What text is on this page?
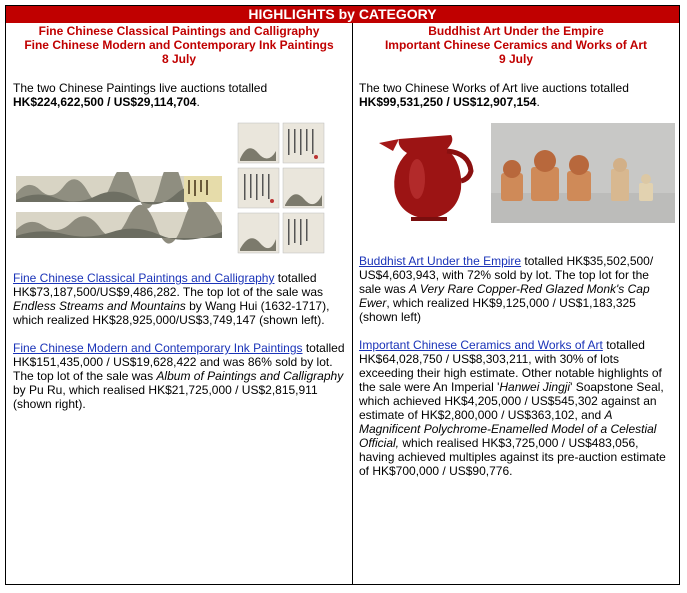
HIGHLIGHTS by CATEGORY
Fine Chinese Classical Paintings and Calligraphy
Fine Chinese Modern and Contemporary Ink Paintings
8 July
The two Chinese Paintings live auctions totalled
HK$224,622,500 / US$29,114,704.
Fine Chinese Classical Paintings and Calligraphy totalled HK$73,187,500/US$9,486,282. The top lot of the sale was Endless Streams and Mountains by Wang Hui (1632-1717), which realized HK$28,925,000/US$3,749,147 (shown left).
Fine Chinese Modern and Contemporary Ink Paintings totalled HK$151,435,000 / US$19,628,422 and was 86% sold by lot. The top lot of the sale was Album of Paintings and Calligraphy by Pu Ru, which realised HK$21,725,000 / US$2,815,911 (shown right).
Buddhist Art Under the Empire
Important Chinese Ceramics and Works of Art
9 July
The two Chinese Works of Art live auctions totalled
HK$99,531,250 / US$12,907,154.
Buddhist Art Under the Empire totalled HK$35,502,500/ US$4,603,943, with 72% sold by lot. The top lot for the sale was A Very Rare Copper-Red Glazed Monk's Cap Ewer, which realized HK$9,125,000 / US$1,183,325 (shown left)
Important Chinese Ceramics and Works of Art totalled HK$64,028,750 / US$8,303,211, with 30% of lots exceeding their high estimate. Other notable highlights of the sale were An Imperial 'Hanwei Jingji' Soapstone Seal, which achieved HK$4,205,000 / US$545,302 against an estimate of HK$2,800,000 / US$363,102, and A Magnificent Polychrome-Enamelled Model of a Celestial Official, which realised HK$3,725,000 / US$483,056, having achieved multiples against its pre-auction estimate of HK$700,000 / US$90,776.
